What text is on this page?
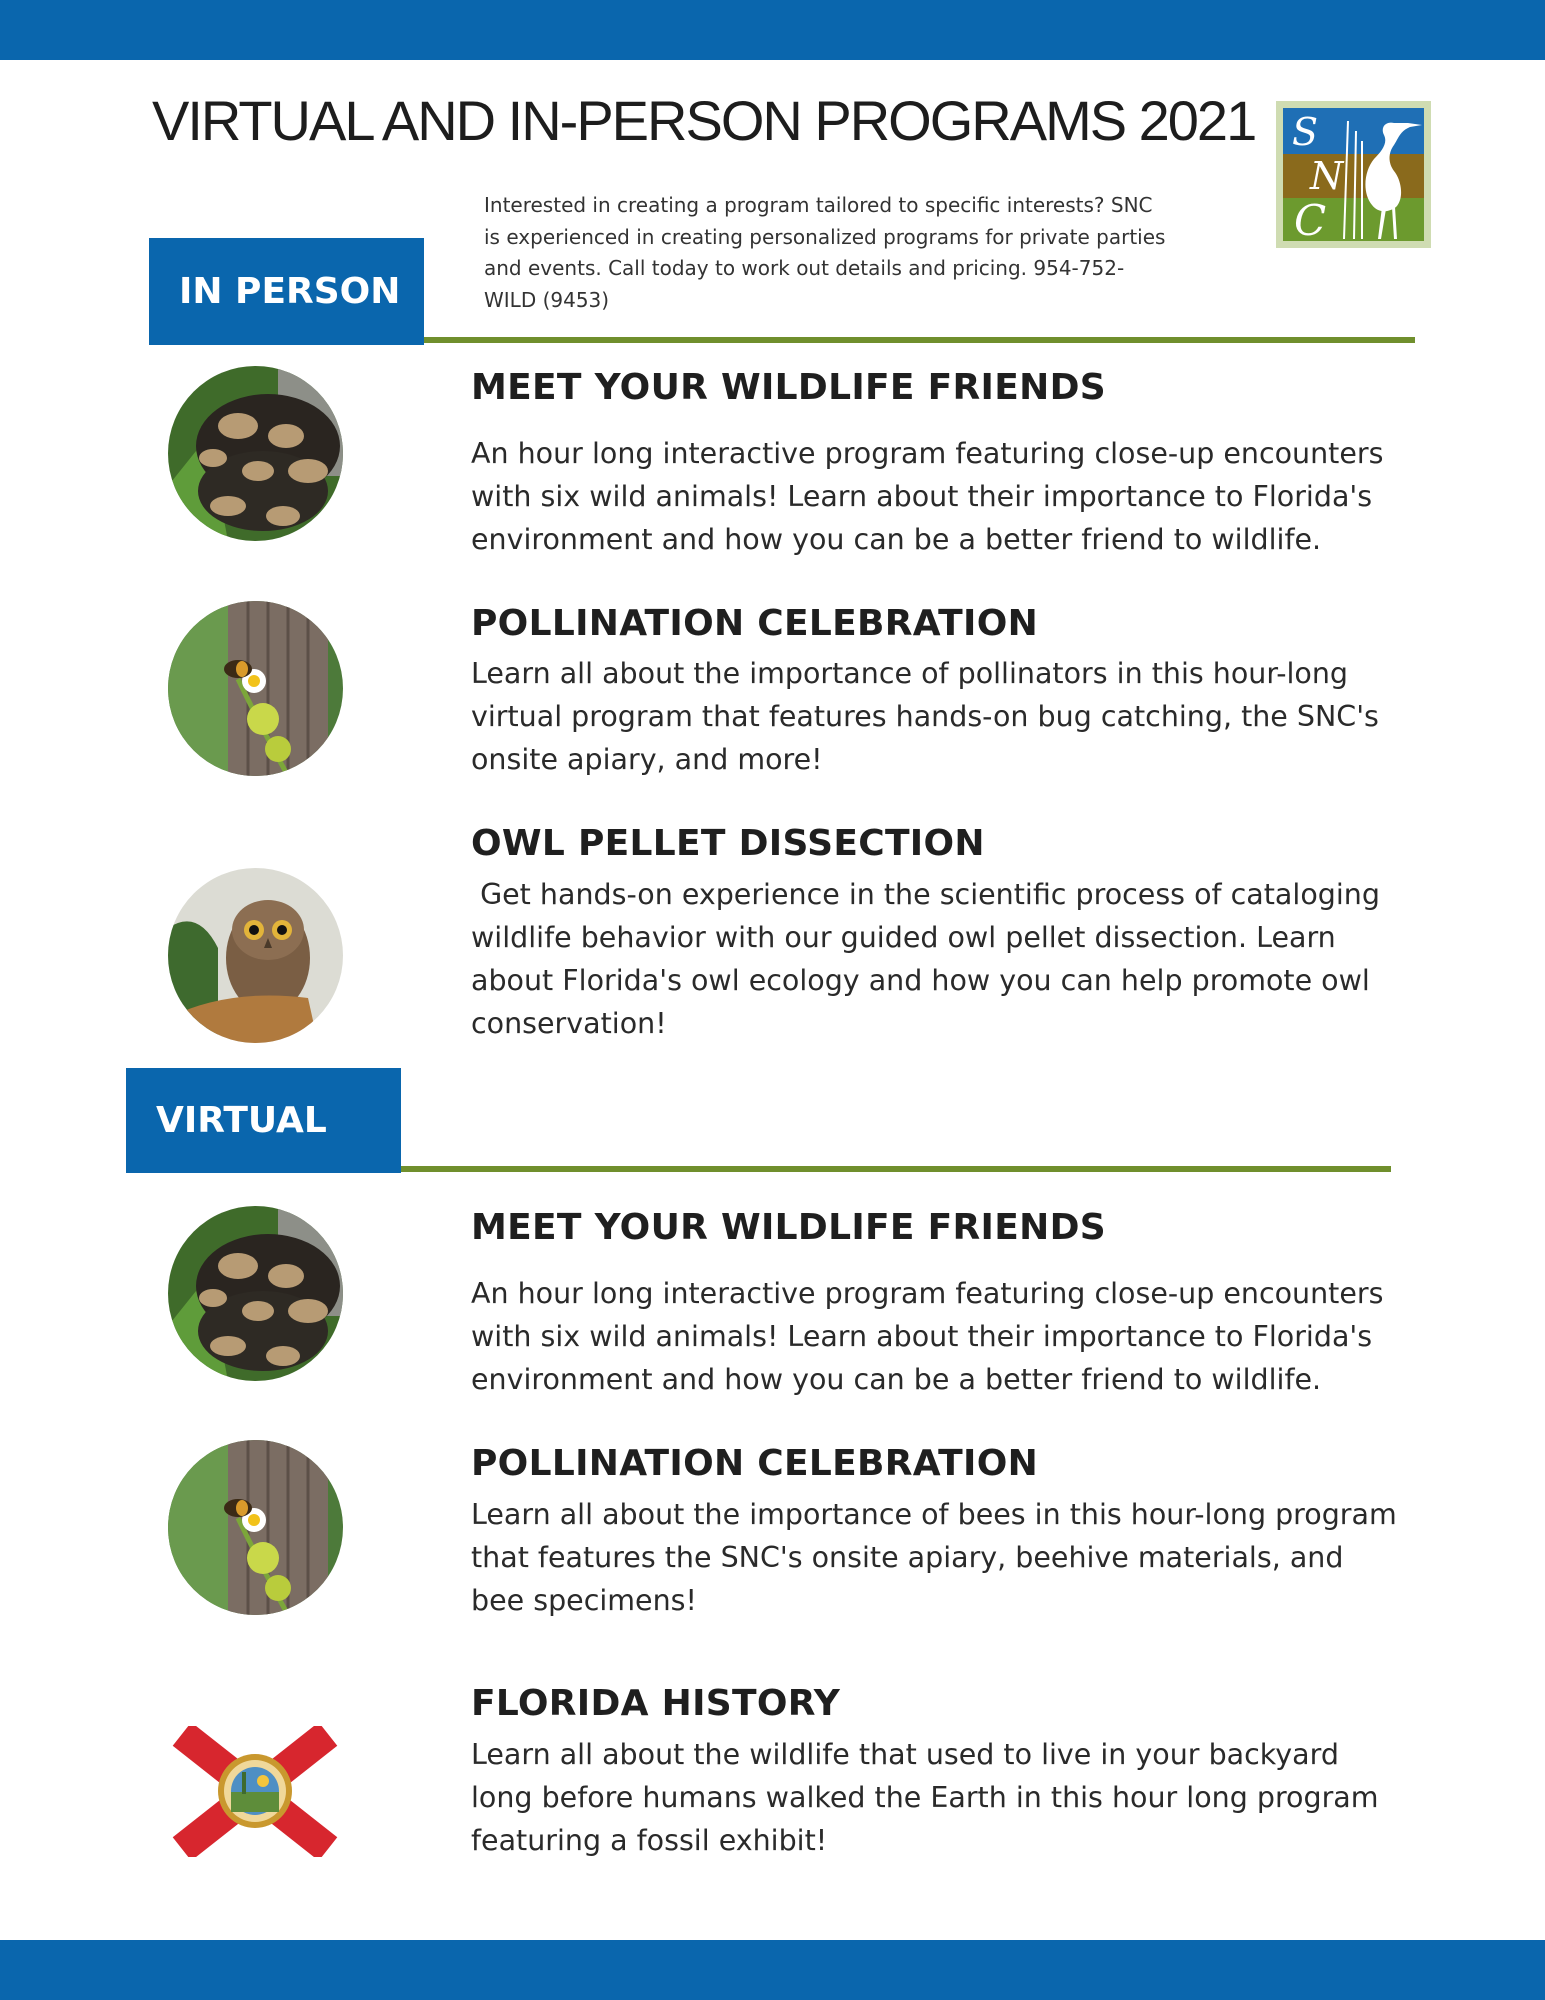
VIRTUAL AND IN-PERSON PROGRAMS 2021

Interested in creating a program tailored to specific interests? SNC is experienced in creating personalized programs for private parties and events. Call today to work out details and pricing. 954-752-WILD (9453)

S
N
C
IN PERSON
MEET YOUR WILDLIFE FRIENDS

An hour long interactive program featuring close-up encounters with six wild animals! Learn about their importance to Florida's environment and how you can be a better friend to wildlife.

POLLINATION CELEBRATION

Learn all about the importance of pollinators in this hour-long virtual program that features hands-on bug catching, the SNC's onsite apiary, and more!

OWL PELLET DISSECTION

Get hands-on experience in the scientific process of cataloging wildlife behavior with our guided owl pellet dissection. Learn about Florida's owl ecology and how you can help promote owl conservation!

VIRTUAL
MEET YOUR WILDLIFE FRIENDS

An hour long interactive program featuring close-up encounters with six wild animals! Learn about their importance to Florida's environment and how you can be a better friend to wildlife.

POLLINATION CELEBRATION

Learn all about the importance of bees in this hour-long program that features the SNC's onsite apiary, beehive materials, and bee specimens!

FLORIDA HISTORY

Learn all about the wildlife that used to live in your backyard long before humans walked the Earth in this hour long program featuring a fossil exhibit!
